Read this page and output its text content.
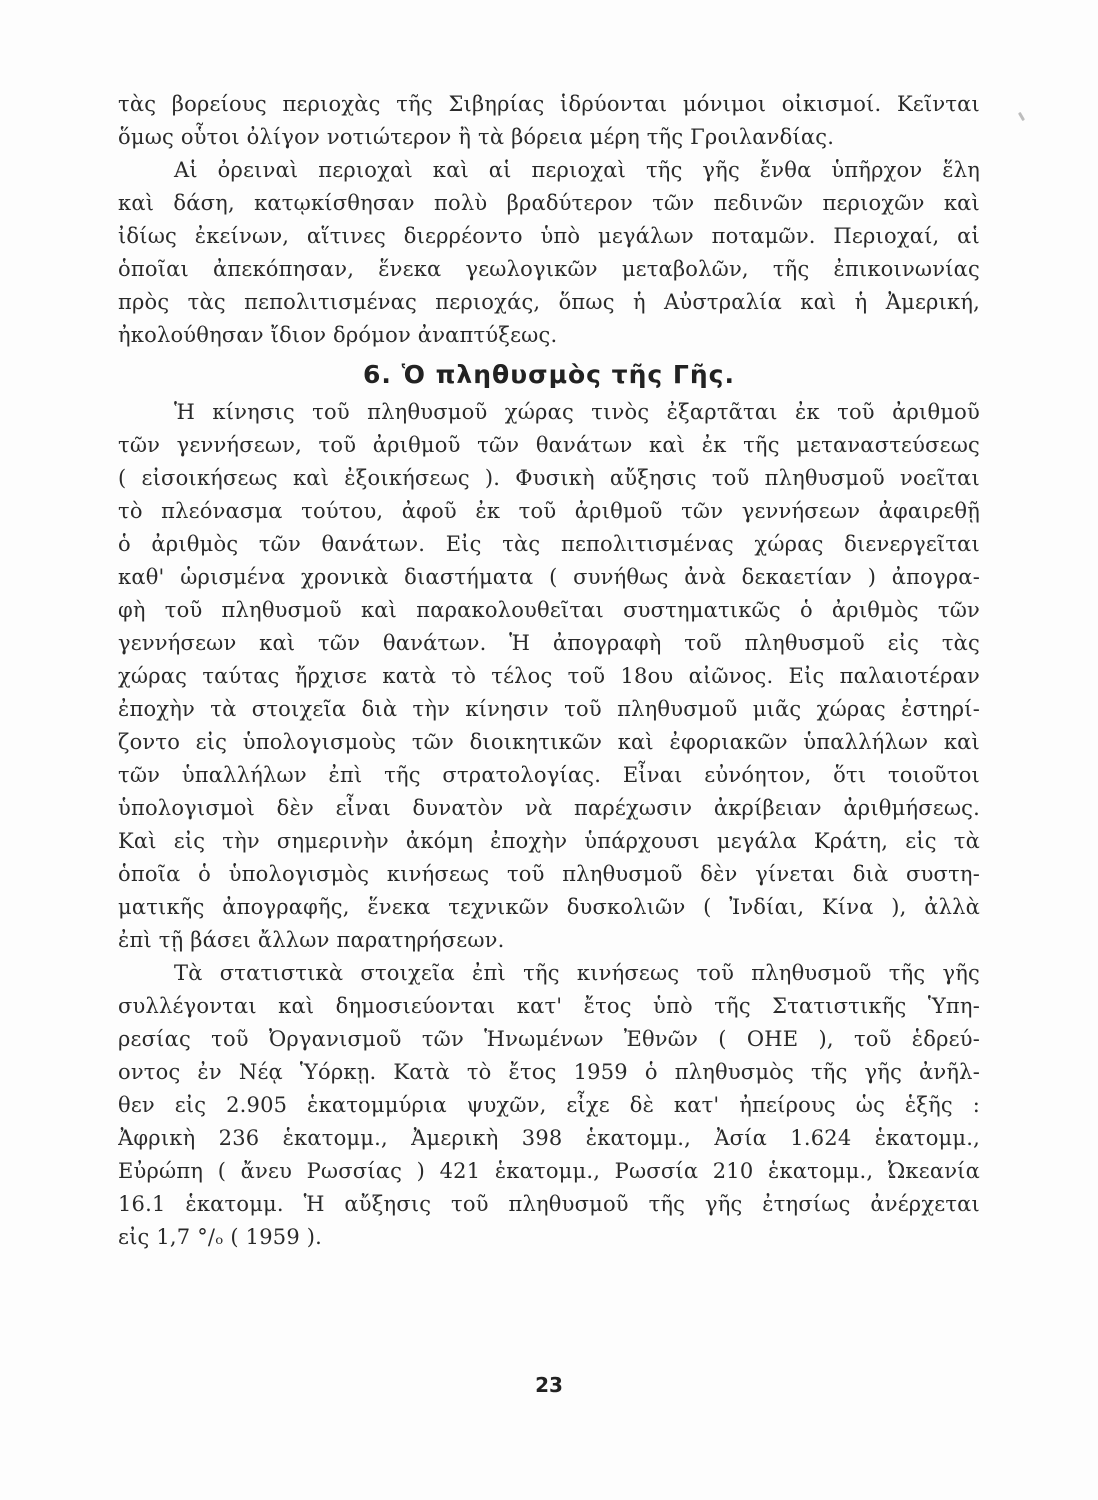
τὰς βορείους περιοχὰς τῆς Σιβηρίας ἱδρύονται μόνιμοι οἰκισμοί. Κεῖνται
ὅμως οὗτοι ὀλίγον νοτιώτερον ἢ τὰ βόρεια μέρη τῆς Γροιλανδίας.

Αἱ ὀρειναὶ περιοχαὶ καὶ αἱ περιοχαὶ τῆς γῆς ἔνθα ὑπῆρχον ἕλη
καὶ δάση, κατῳκίσθησαν πολὺ βραδύτερον τῶν πεδινῶν περιοχῶν καὶ
ἰδίως ἐκείνων, αἵτινες διερρέοντο ὑπὸ μεγάλων ποταμῶν. Περιοχαί, αἱ
ὁποῖαι ἀπεκόπησαν, ἕνεκα γεωλογικῶν μεταβολῶν, τῆς ἐπικοινωνίας
πρὸς τὰς πεπολιτισμένας περιοχάς, ὅπως ἡ Αὐστραλία καὶ ἡ Ἀμερική,
ἠκολούθησαν ἴδιον δρόμον ἀναπτύξεως.

6. Ὁ πληθυσμὸς τῆς Γῆς.

Ἡ κίνησις τοῦ πληθυσμοῦ χώρας τινὸς ἐξαρτᾶται ἐκ τοῦ ἀριθμοῦ
τῶν γεννήσεων, τοῦ ἀριθμοῦ τῶν θανάτων καὶ ἐκ τῆς μεταναστεύσεως
( εἰσοικήσεως καὶ ἐξοικήσεως ). Φυσικὴ αὔξησις τοῦ πληθυσμοῦ νοεῖται
τὸ πλεόνασμα τούτου, ἀφοῦ ἐκ τοῦ ἀριθμοῦ τῶν γεννήσεων ἀφαιρεθῇ
ὁ ἀριθμὸς τῶν θανάτων. Εἰς τὰς πεπολιτισμένας χώρας διενεργεῖται
καθ' ὡρισμένα χρονικὰ διαστήματα ( συνήθως ἀνὰ δεκαετίαν ) ἀπογρα-
φὴ τοῦ πληθυσμοῦ καὶ παρακολουθεῖται συστηματικῶς ὁ ἀριθμὸς τῶν
γεννήσεων καὶ τῶν θανάτων. Ἡ ἀπογραφὴ τοῦ πληθυσμοῦ εἰς τὰς
χώρας ταύτας ἤρχισε κατὰ τὸ τέλος τοῦ 18ου αἰῶνος. Εἰς παλαιοτέραν
ἐποχὴν τὰ στοιχεῖα διὰ τὴν κίνησιν τοῦ πληθυσμοῦ μιᾶς χώρας ἐστηρί-
ζοντο εἰς ὑπολογισμοὺς τῶν διοικητικῶν καὶ ἐφοριακῶν ὑπαλλήλων καὶ
τῶν ὑπαλλήλων ἐπὶ τῆς στρατολογίας. Εἶναι εὐνόητον, ὅτι τοιοῦτοι
ὑπολογισμοὶ δὲν εἶναι δυνατὸν νὰ παρέχωσιν ἀκρίβειαν ἀριθμήσεως.
Καὶ εἰς τὴν σημερινὴν ἀκόμη ἐποχὴν ὑπάρχουσι μεγάλα Κράτη, εἰς τὰ
ὁποῖα ὁ ὑπολογισμὸς κινήσεως τοῦ πληθυσμοῦ δὲν γίνεται διὰ συστη-
ματικῆς ἀπογραφῆς, ἕνεκα τεχνικῶν δυσκολιῶν ( Ἰνδίαι, Κίνα ), ἀλλὰ
ἐπὶ τῇ βάσει ἄλλων παρατηρήσεων.

Τὰ στατιστικὰ στοιχεῖα ἐπὶ τῆς κινήσεως τοῦ πληθυσμοῦ τῆς γῆς
συλλέγονται καὶ δημοσιεύονται κατ' ἔτος ὑπὸ τῆς Στατιστικῆς Ὑπη-
ρεσίας τοῦ Ὀργανισμοῦ τῶν Ἡνωμένων Ἐθνῶν ( ΟΗΕ ), τοῦ ἑδρεύ-
οντος ἐν Νέᾳ Ὑόρκῃ. Κατὰ τὸ ἔτος 1959 ὁ πληθυσμὸς τῆς γῆς ἀνῆλ-
θεν εἰς 2.905 ἑκατομμύρια ψυχῶν, εἶχε δὲ κατ' ἠπείρους ὡς ἑξῆς :
Ἀφρικὴ 236 ἑκατομμ., Ἀμερικὴ 398 ἑκατομμ., Ἀσία 1.624 ἑκατομμ.,
Εὐρώπη ( ἄνευ Ρωσσίας ) 421 ἑκατομμ., Ρωσσία 210 ἑκατομμ., Ὠκεανία
16.1 ἑκατομμ. Ἡ αὔξησις τοῦ πληθυσμοῦ τῆς γῆς ἐτησίως ἀνέρχεται
εἰς 1,7 °/ₒ ( 1959 ).

23
